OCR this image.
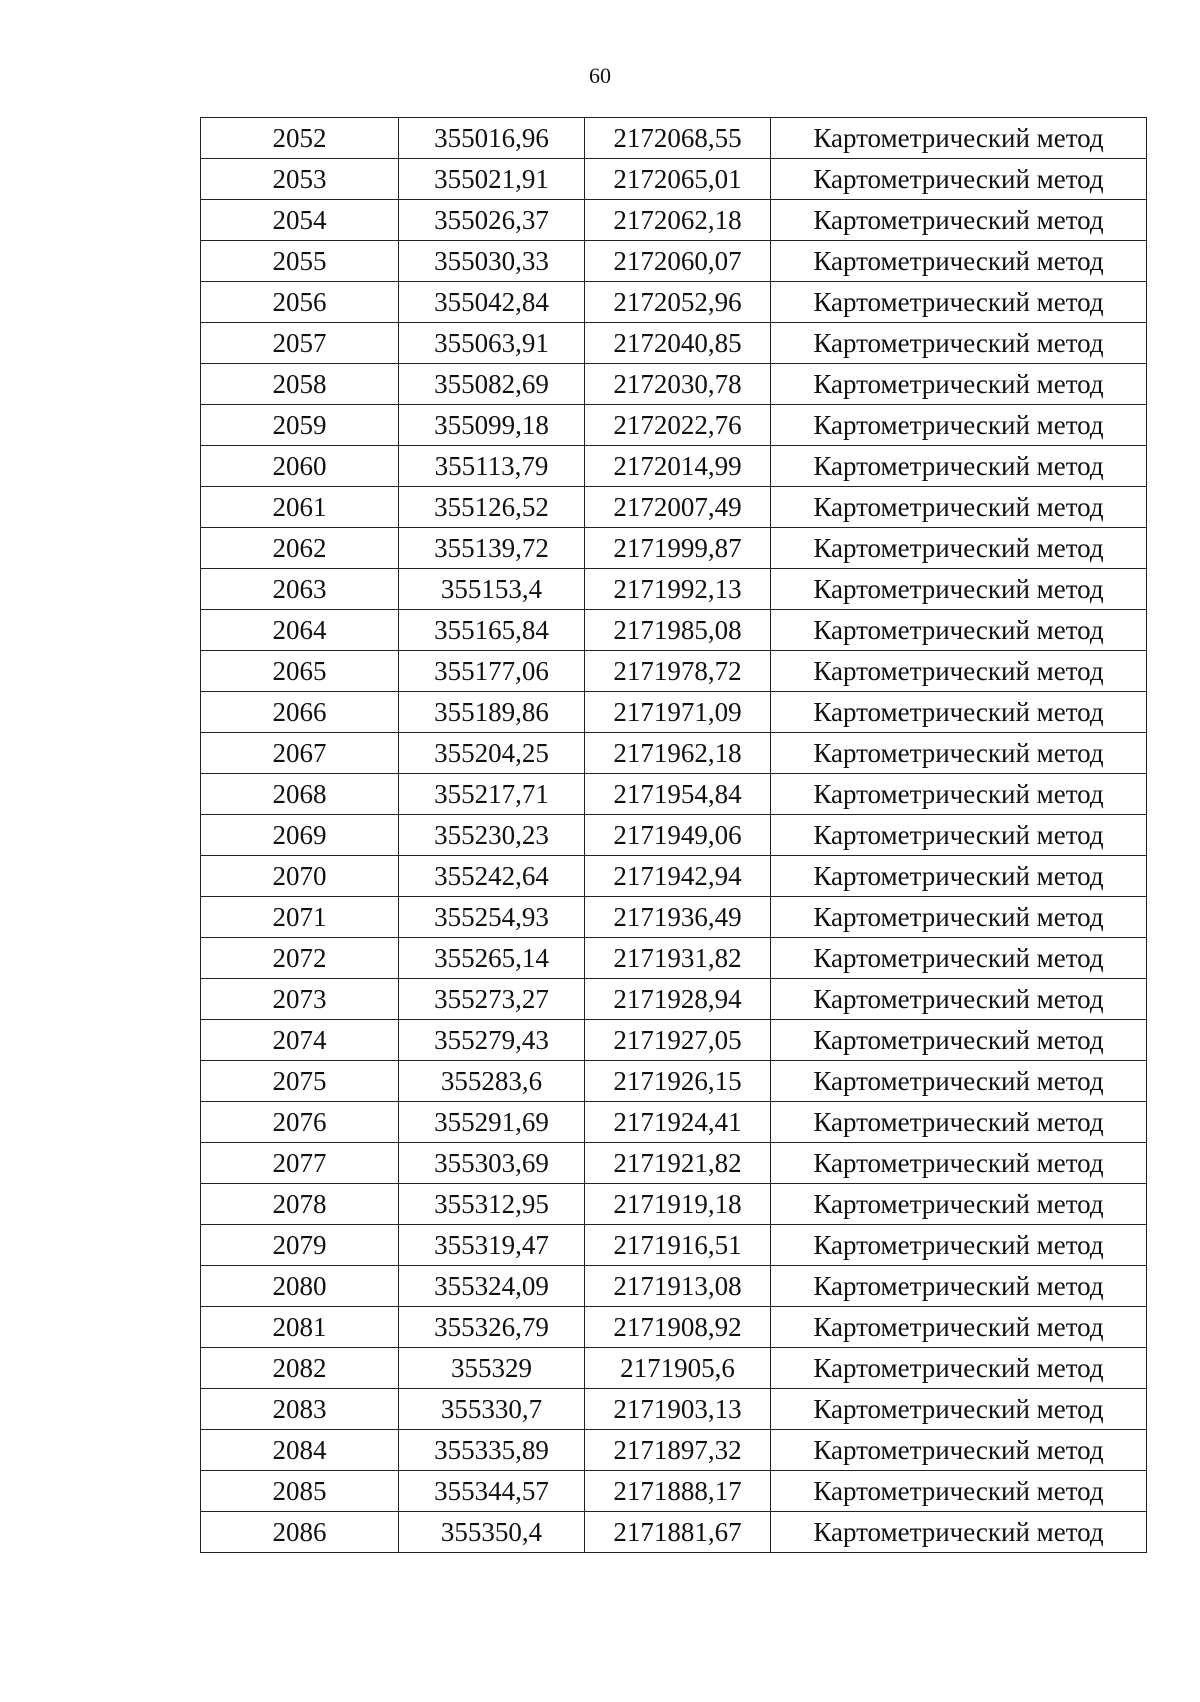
60
2052	355016,96	2172068,55	Картометрический метод
2053	355021,91	2172065,01	Картометрический метод
2054	355026,37	2172062,18	Картометрический метод
2055	355030,33	2172060,07	Картометрический метод
2056	355042,84	2172052,96	Картометрический метод
2057	355063,91	2172040,85	Картометрический метод
2058	355082,69	2172030,78	Картометрический метод
2059	355099,18	2172022,76	Картометрический метод
2060	355113,79	2172014,99	Картометрический метод
2061	355126,52	2172007,49	Картометрический метод
2062	355139,72	2171999,87	Картометрический метод
2063	355153,4	2171992,13	Картометрический метод
2064	355165,84	2171985,08	Картометрический метод
2065	355177,06	2171978,72	Картометрический метод
2066	355189,86	2171971,09	Картометрический метод
2067	355204,25	2171962,18	Картометрический метод
2068	355217,71	2171954,84	Картометрический метод
2069	355230,23	2171949,06	Картометрический метод
2070	355242,64	2171942,94	Картометрический метод
2071	355254,93	2171936,49	Картометрический метод
2072	355265,14	2171931,82	Картометрический метод
2073	355273,27	2171928,94	Картометрический метод
2074	355279,43	2171927,05	Картометрический метод
2075	355283,6	2171926,15	Картометрический метод
2076	355291,69	2171924,41	Картометрический метод
2077	355303,69	2171921,82	Картометрический метод
2078	355312,95	2171919,18	Картометрический метод
2079	355319,47	2171916,51	Картометрический метод
2080	355324,09	2171913,08	Картометрический метод
2081	355326,79	2171908,92	Картометрический метод
2082	355329	2171905,6	Картометрический метод
2083	355330,7	2171903,13	Картометрический метод
2084	355335,89	2171897,32	Картометрический метод
2085	355344,57	2171888,17	Картометрический метод
2086	355350,4	2171881,67	Картометрический метод
